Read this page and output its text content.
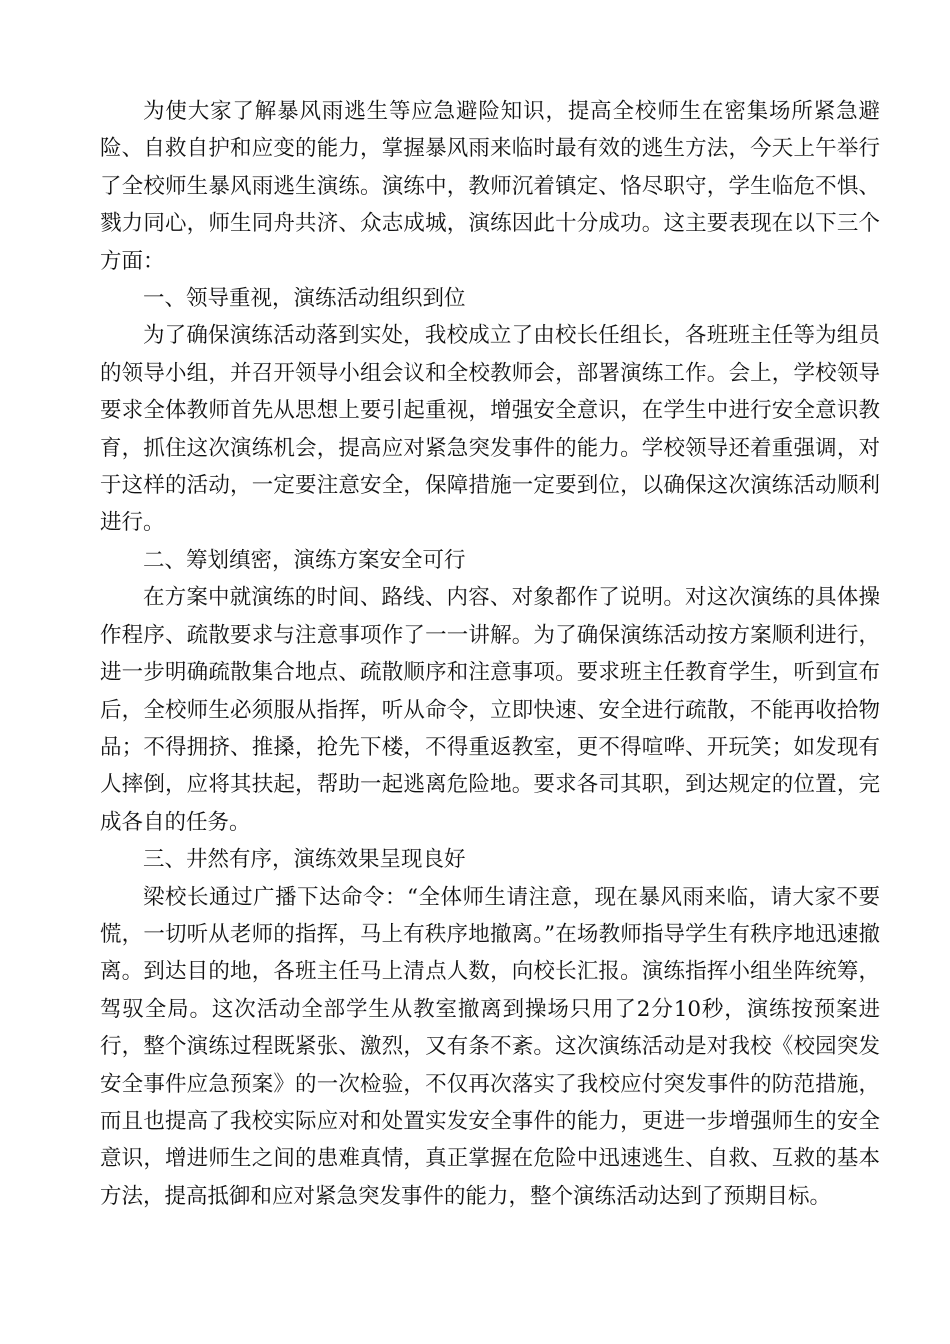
为使大家了解暴风雨逃生等应急避险知识，提高全校师生在密集场所紧急避险、自救自护和应变的能力，掌握暴风雨来临时最有效的逃生方法，今天上午举行了全校师生暴风雨逃生演练。演练中，教师沉着镇定、恪尽职守，学生临危不惧、戮力同心，师生同舟共济、众志成城，演练因此十分成功。这主要表现在以下三个方面：

一、领导重视，演练活动组织到位

为了确保演练活动落到实处，我校成立了由校长任组长，各班班主任等为组员的领导小组，并召开领导小组会议和全校教师会，部署演练工作。会上，学校领导要求全体教师首先从思想上要引起重视，增强安全意识，在学生中进行安全意识教育，抓住这次演练机会，提高应对紧急突发事件的能力。学校领导还着重强调，对于这样的活动，一定要注意安全，保障措施一定要到位，以确保这次演练活动顺利进行。

二、筹划缜密，演练方案安全可行

在方案中就演练的时间、路线、内容、对象都作了说明。对这次演练的具体操作程序、疏散要求与注意事项作了一一讲解。为了确保演练活动按方案顺利进行，进一步明确疏散集合地点、疏散顺序和注意事项。要求班主任教育学生，听到宣布后，全校师生必须服从指挥，听从命令，立即快速、安全进行疏散，不能再收拾物品；不得拥挤、推搡，抢先下楼，不得重返教室，更不得喧哗、开玩笑；如发现有人摔倒，应将其扶起，帮助一起逃离危险地。要求各司其职，到达规定的位置，完成各自的任务。

三、井然有序，演练效果呈现良好

梁校长通过广播下达命令：“全体师生请注意，现在暴风雨来临，请大家不要慌，一切听从老师的指挥，马上有秩序地撤离。”在场教师指导学生有秩序地迅速撤离。到达目的地，各班主任马上清点人数，向校长汇报。演练指挥小组坐阵统筹，驾驭全局。这次活动全部学生从教室撤离到操场只用了2分10秒，演练按预案进行，整个演练过程既紧张、激烈，又有条不紊。这次演练活动是对我校《校园突发安全事件应急预案》的一次检验，不仅再次落实了我校应付突发事件的防范措施，而且也提高了我校实际应对和处置实发安全事件的能力，更进一步增强师生的安全意识，增进师生之间的患难真情，真正掌握在危险中迅速逃生、自救、互救的基本方法，提高抵御和应对紧急突发事件的能力，整个演练活动达到了预期目标。
